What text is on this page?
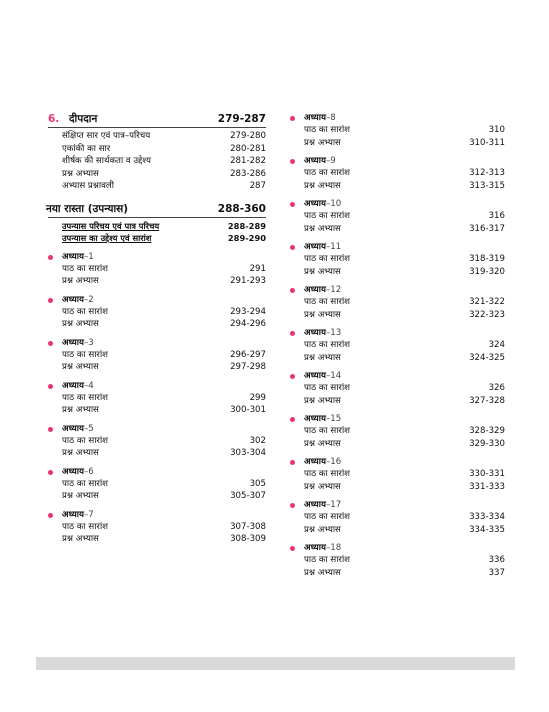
6. दीपदान	279-287
संक्षिप्त सार एवं पात्र–परिचय	279-280
एकांकी का सार	280-281
शीर्षक की सार्थकता व उद्देश्य	281-282
प्रश्न अभ्यास	283-286
अभ्यास प्रश्नावली	287
नया रास्ता (उपन्यास)	288-360
उपन्यास परिचय एवं पात्र परिचय	288-289
उपन्यास का उद्देश्य एवं सारांश	289-290
अध्याय–1
पाठ का सारांश	291
प्रश्न अभ्यास	291-293
अध्याय–2
पाठ का सारांश	293-294
प्रश्न अभ्यास	294-296
अध्याय–3
पाठ का सारांश	296-297
प्रश्न अभ्यास	297-298
अध्याय–4
पाठ का सारांश	299
प्रश्न अभ्यास	300-301
अध्याय–5
पाठ का सारांश	302
प्रश्न अभ्यास	303-304
अध्याय–6
पाठ का सारांश	305
प्रश्न अभ्यास	305-307
अध्याय–7
पाठ का सारांश	307-308
प्रश्न अभ्यास	308-309
अध्याय–8
पाठ का सारांश	310
प्रश्न अभ्यास	310-311
अध्याय–9
पाठ का सारांश	312-313
प्रश्न अभ्यास	313-315
अध्याय–10
पाठ का सारांश	316
प्रश्न अभ्यास	316-317
अध्याय–11
पाठ का सारांश	318-319
प्रश्न अभ्यास	319-320
अध्याय–12
पाठ का सारांश	321-322
प्रश्न अभ्यास	322-323
अध्याय–13
पाठ का सारांश	324
प्रश्न अभ्यास	324-325
अध्याय–14
पाठ का सारांश	326
प्रश्न अभ्यास	327-328
अध्याय–15
पाठ का सारांश	328-329
प्रश्न अभ्यास	329-330
अध्याय–16
पाठ का सारांश	330-331
प्रश्न अभ्यास	331-333
अध्याय–17
पाठ का सारांश	333-334
प्रश्न अभ्यास	334-335
अध्याय–18
पाठ का सारांश	336
प्रश्न अभ्यास	337
